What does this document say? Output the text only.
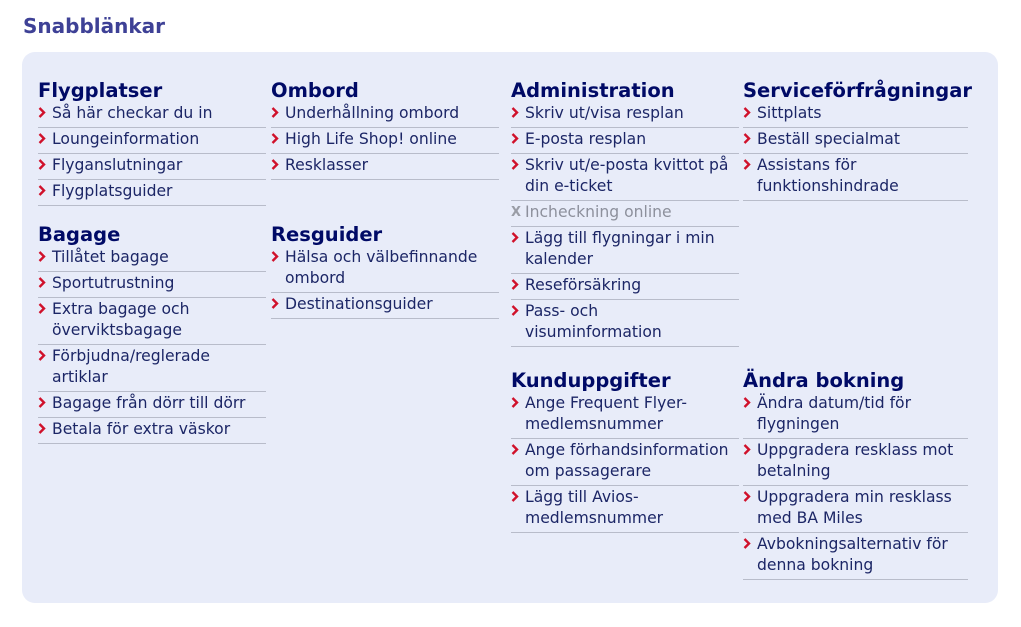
Snabblänkar
Flygplatser
Så här checkar du in
Loungeinformation
Flyganslutningar
Flygplatsguider
Bagage
Tillåtet bagage
Sportutrustning
Extra bagage och överviktsbagage
Förbjudna/reglerade artiklar
Bagage från dörr till dörr
Betala för extra väskor
Ombord
Underhållning ombord
High Life Shop! online
Resklasser
Resguider
Hälsa och välbefinnande ombord
Destinationsguider
Administration
Skriv ut/visa resplan
E-posta resplan
Skriv ut/e-posta kvittot på din e-ticket
X Incheckning online
Lägg till flygningar i min kalender
Reseförsäkring
Pass- och visuminformation
Kunduppgifter
Ange Frequent Flyer-medlemsnummer
Ange förhandsinformation om passagerare
Lägg till Avios-medlemsnummer
Serviceförfrågningar
Sittplats
Beställ specialmat
Assistans för funktionshindrade
Ändra bokning
Ändra datum/tid för flygningen
Uppgradera resklass mot betalning
Uppgradera min resklass med BA Miles
Avbokningsalternativ för denna bokning
